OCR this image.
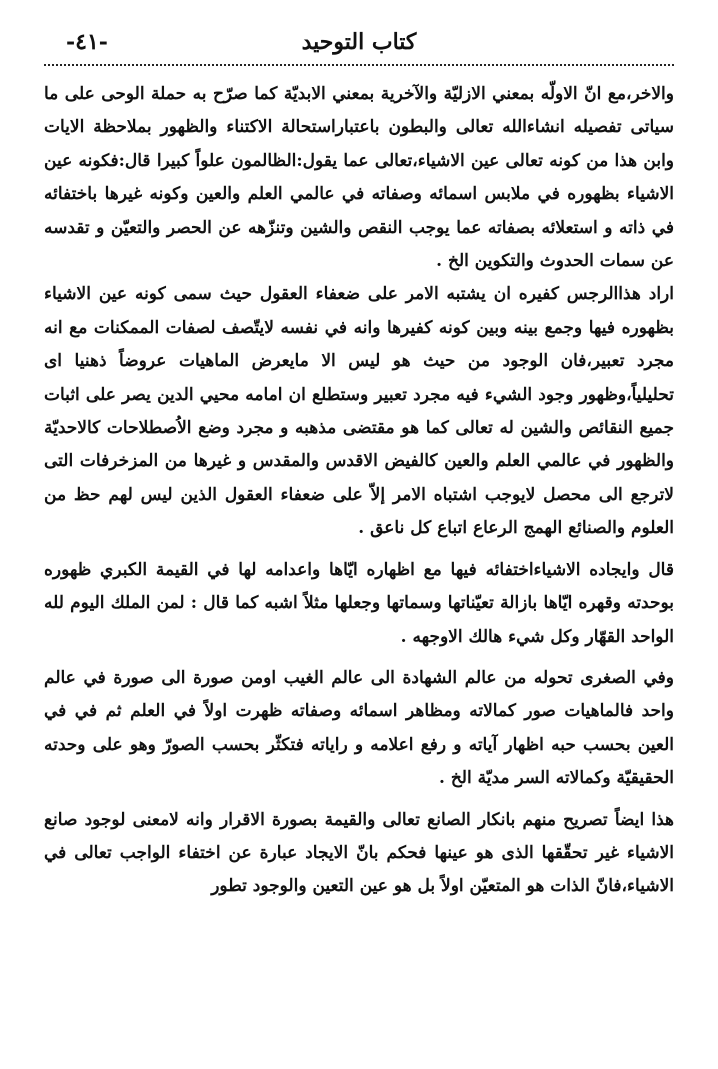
كتاب التوحيد
-٤١-

والاخر،مع انّ الاولّه بمعني الازليّة والآخرية بمعني الابديّة كما صرّح به حملة الوحى على ما سياتى تفصيله انشاءالله تعالى والبطون باعتباراستحالة الاكتناء والظهور بملاحظة الايات وابن هذا من كونه تعالى عين الاشياء،تعالى عما يقول:الظالمون علواً كبيرا قال:فكونه عين الاشياء بظهوره في ملابس اسمائه وصفاته في عالمي العلم والعين وكونه غيرها باختفائه في ذاته و استعلائه بصفاته عما يوجب النقص والشين وتنزّهه عن الحصر والتعيّن و تقدسه عن سمات الحدوث والتكوين الخ .

اراد هذاالرجس كفيره ان يشتبه الامر على ضعفاء العقول حيث سمى كونه عين الاشياء بظهوره فيها وجمع بينه وبين كونه كفيرها وانه في نفسه لايتّصف لصفات الممكنات مع انه مجرد تعبير،فان الوجود من حيث هو ليس الا مايعرض الماهيات عروضاً ذهنيا اى تحليلياً،وظهور وجود الشيء فيه مجرد تعبير وستطلع ان امامه محيي الدين يصر على اثبات جميع النقائص والشين له تعالى كما هو مقتضى مذهبه و مجرد وضع الاُصطلاحات كالاحديّة والظهور في عالمي العلم والعين كالفيض الاقدس والمقدس و غيرها من المزخرفات التى لاترجع الى محصل لايوجب اشتباه الامر إلاّ على ضعفاء العقول الذين ليس لهم حظ من العلوم والصنائع الهمج الرعاع اتباع كل ناعق .

قال وايجاده الاشياءاختفائه فيها مع اظهاره ايّاها واعدامه لها في القيمة الكبري ظهوره بوحدته وقهره ايّاها بازالة تعيّناتها وسماتها وجعلها مثلاً اشبه كما قال : لمن الملك اليوم لله الواحد القهّار وكل شيء هالك الاوجهه .

وفي الصغرى تحوله من عالم الشهادة الى عالم الغيب اومن صورة الى صورة في عالم واحد فالماهيات صور كمالاته ومظاهر اسمائه وصفاته ظهرت اولاً في العلم ثم في في العين بحسب حبه اظهار آياته و رفع اعلامه و راياته فتكثّر بحسب الصورّ وهو على وحدته الحقيقيّة وكمالاته السر مديّة الخ .

هذا ايضاً تصريح منهم بانكار الصانع تعالى والقيمة بصورة الاقرار وانه لامعنى لوجود صانع الاشياء غير تحقّقها الذى هو عينها فحكم بانّ الايجاد عبارة عن اختفاء الواجب تعالى في الاشياء،فانّ الذات هو المتعيّن اولاً بل هو عين التعين والوجود تطور
